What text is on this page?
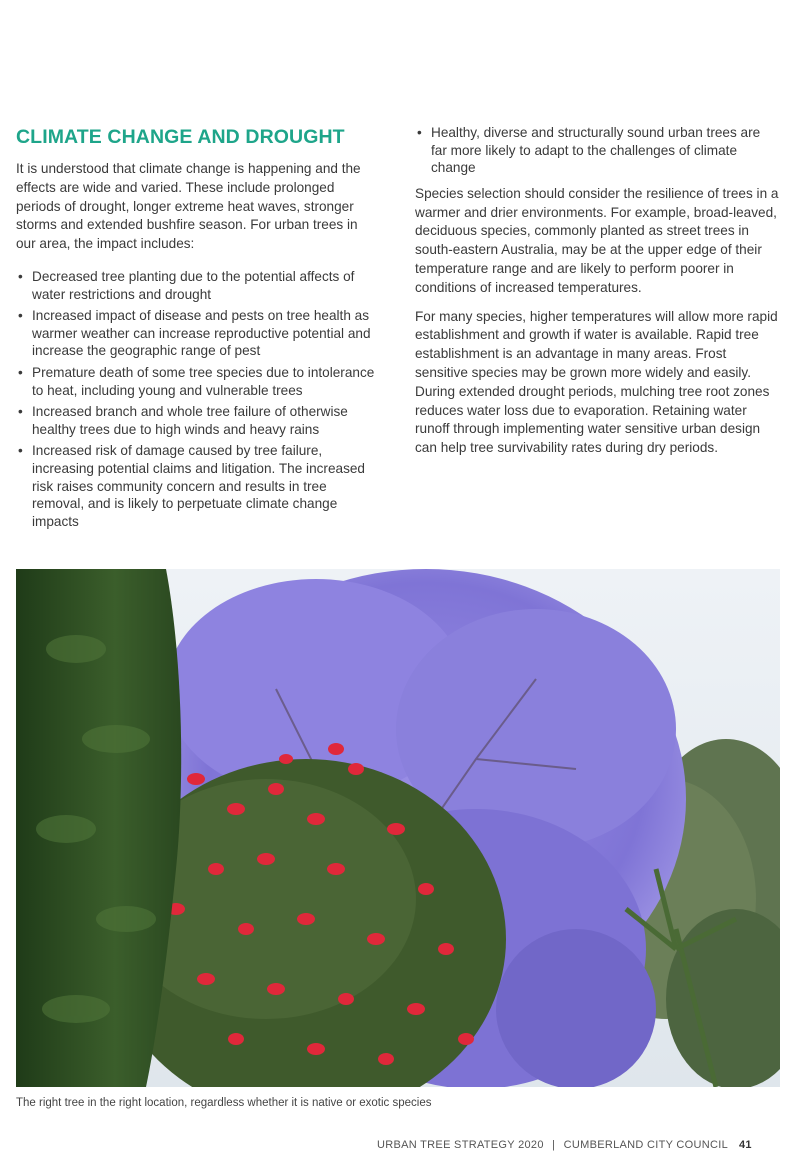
CLIMATE CHANGE AND DROUGHT

It is understood that climate change is happening and the effects are wide and varied. These include prolonged periods of drought, longer extreme heat waves, stronger storms and extended bushfire season. For urban trees in our area, the impact includes:

• Decreased tree planting due to the potential affects of water restrictions and drought
• Increased impact of disease and pests on tree health as warmer weather can increase reproductive potential and increase the geographic range of pest
• Premature death of some tree species due to intolerance to heat, including young and vulnerable trees
• Increased branch and whole tree failure of otherwise healthy trees due to high winds and heavy rains
• Increased risk of damage caused by tree failure, increasing potential claims and litigation. The increased risk raises community concern and results in tree removal, and is likely to perpetuate climate change impacts
• Healthy, diverse and structurally sound urban trees are far more likely to adapt to the challenges of climate change

Species selection should consider the resilience of trees in a warmer and drier environments. For example, broad-leaved, deciduous species, commonly planted as street trees in south-eastern Australia, may be at the upper edge of their temperature range and are likely to perform poorer in conditions of increased temperatures.

For many species, higher temperatures will allow more rapid establishment and growth if water is available. Rapid tree establishment is an advantage in many areas. Frost sensitive species may be grown more widely and easily. During extended drought periods, mulching tree root zones reduces water loss due to evaporation. Retaining water runoff through implementing water sensitive urban design can help tree survivability rates during dry periods.

The right tree in the right location, regardless whether it is native or exotic species
URBAN TREE STRATEGY 2020 | CUMBERLAND CITY COUNCIL 41
